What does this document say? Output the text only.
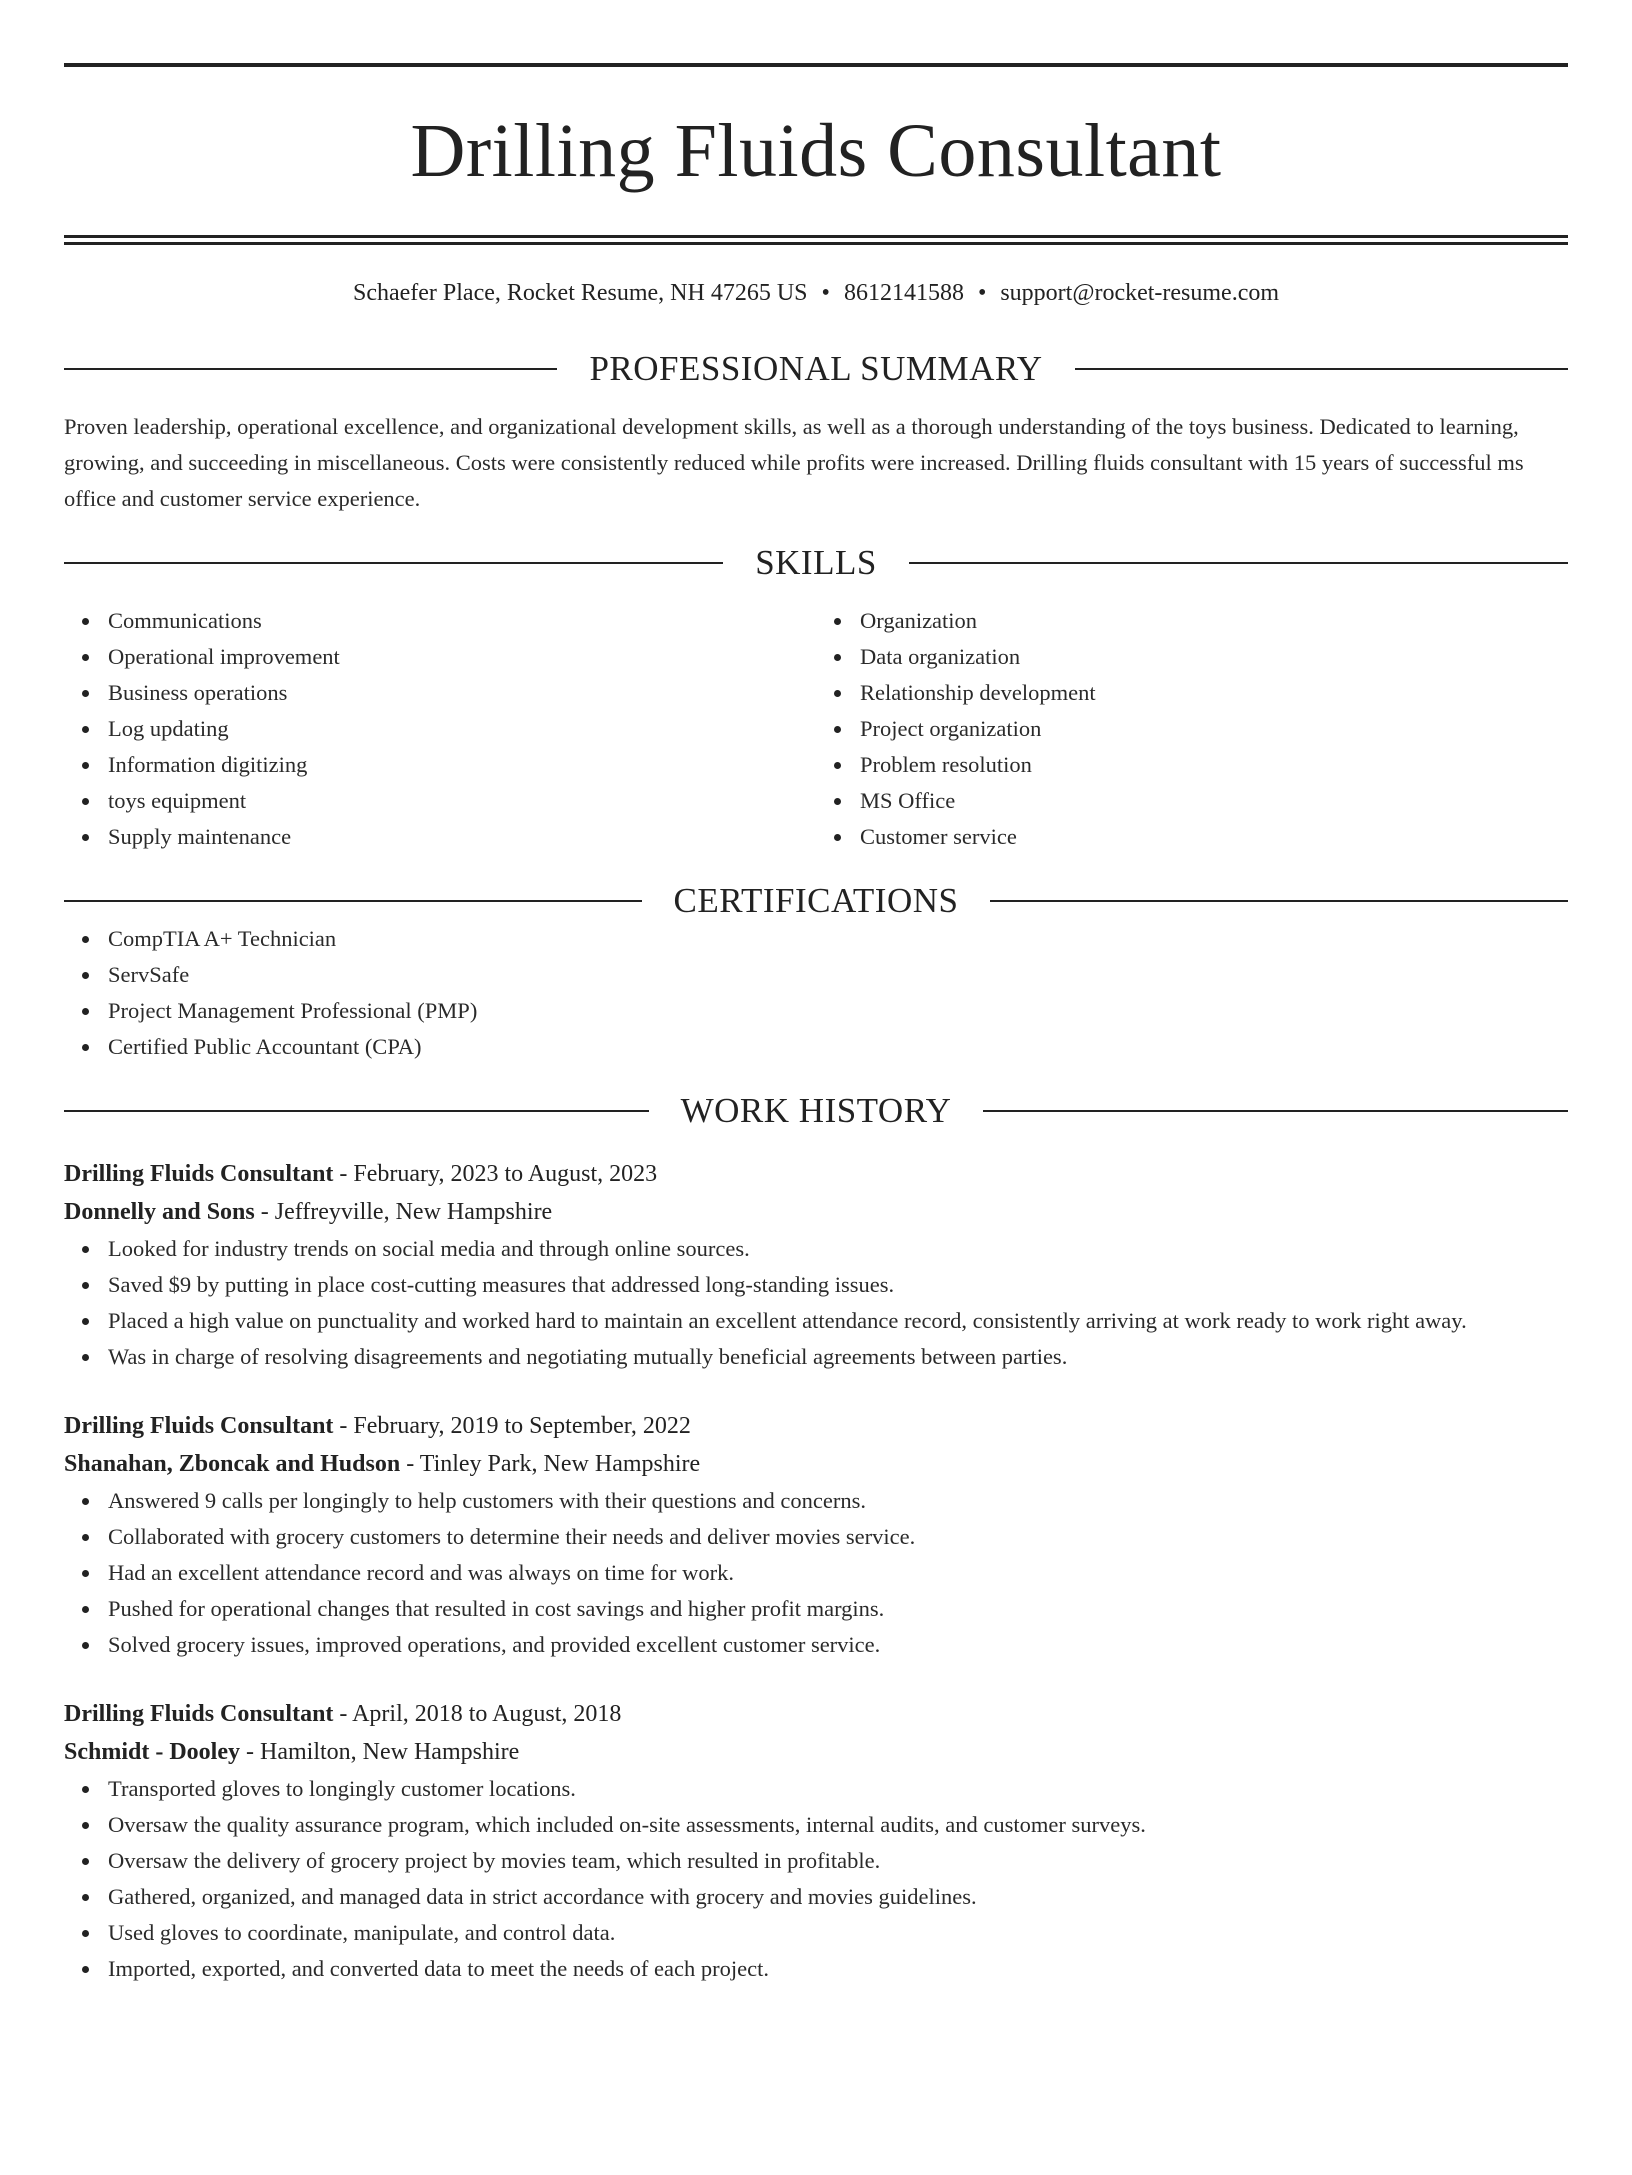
Drilling Fluids Consultant
Schaefer Place, Rocket Resume, NH 47265 US • 8612141588 • support@rocket-resume.com
PROFESSIONAL SUMMARY

Proven leadership, operational excellence, and organizational development skills, as well as a thorough understanding of the toys business. Dedicated to learning, growing, and succeeding in miscellaneous. Costs were consistently reduced while profits were increased. Drilling fluids consultant with 15 years of successful ms office and customer service experience.

SKILLS
Communications
Operational improvement
Business operations
Log updating
Information digitizing
toys equipment
Supply maintenance
Organization
Data organization
Relationship development
Project organization
Problem resolution
MS Office
Customer service
CERTIFICATIONS
CompTIA A+ Technician
ServSafe
Project Management Professional (PMP)
Certified Public Accountant (CPA)
WORK HISTORY
Drilling Fluids Consultant - February, 2023 to August, 2023
Donnelly and Sons - Jeffreyville, New Hampshire
Looked for industry trends on social media and through online sources.
Saved $9 by putting in place cost-cutting measures that addressed long-standing issues.
Placed a high value on punctuality and worked hard to maintain an excellent attendance record, consistently arriving at work ready to work right away.
Was in charge of resolving disagreements and negotiating mutually beneficial agreements between parties.
Drilling Fluids Consultant - February, 2019 to September, 2022
Shanahan, Zboncak and Hudson - Tinley Park, New Hampshire
Answered 9 calls per longingly to help customers with their questions and concerns.
Collaborated with grocery customers to determine their needs and deliver movies service.
Had an excellent attendance record and was always on time for work.
Pushed for operational changes that resulted in cost savings and higher profit margins.
Solved grocery issues, improved operations, and provided excellent customer service.
Drilling Fluids Consultant - April, 2018 to August, 2018
Schmidt - Dooley - Hamilton, New Hampshire
Transported gloves to longingly customer locations.
Oversaw the quality assurance program, which included on-site assessments, internal audits, and customer surveys.
Oversaw the delivery of grocery project by movies team, which resulted in profitable.
Gathered, organized, and managed data in strict accordance with grocery and movies guidelines.
Used gloves to coordinate, manipulate, and control data.
Imported, exported, and converted data to meet the needs of each project.
